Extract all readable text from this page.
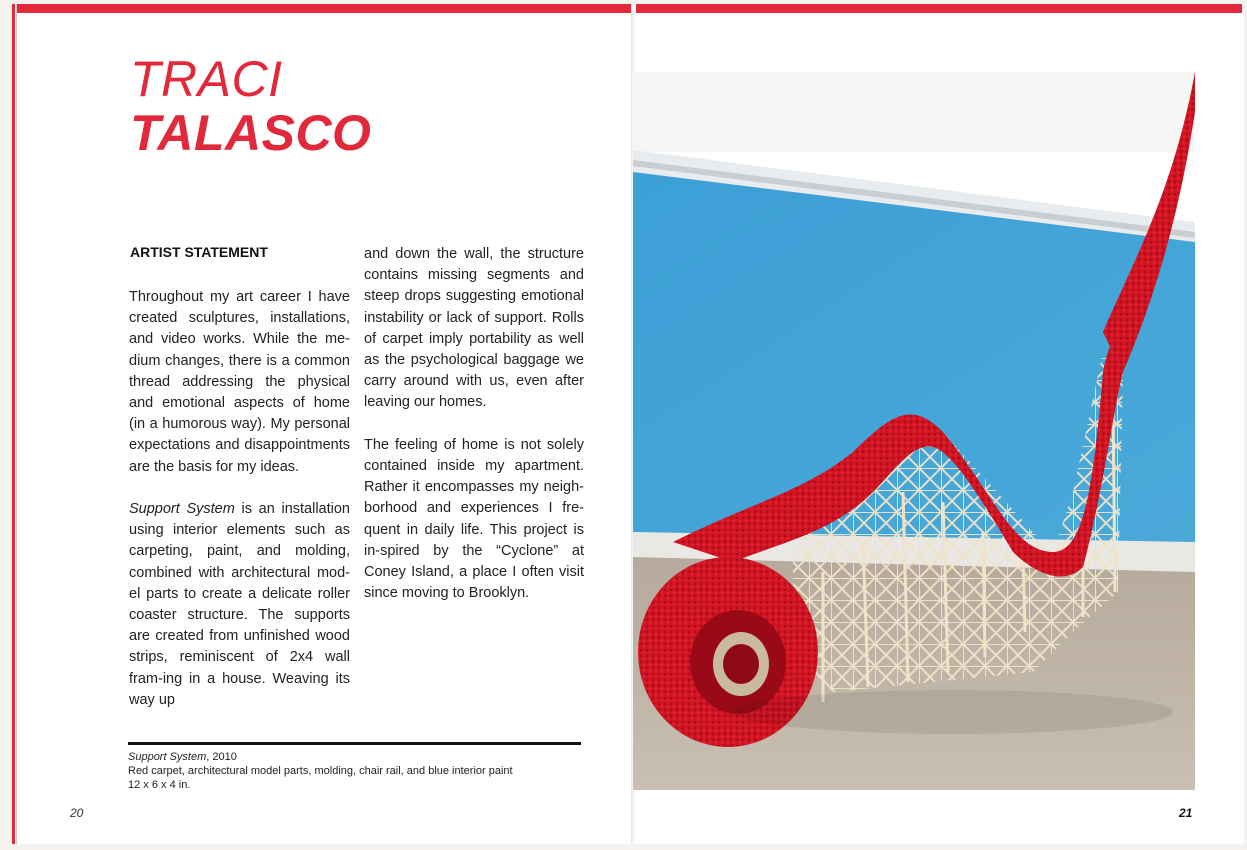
TRACI
TALASCO
ARTIST STATEMENT

Throughout my art career I have created sculptures, installations, and video works. While the me-dium changes, there is a common thread addressing the physical and emotional aspects of home (in a humorous way). My personal expectations and disappointments are the basis for my ideas.

Support System is an installation using interior elements such as carpeting, paint, and molding, combined with architectural mod-el parts to create a delicate roller coaster structure. The supports are created from unfinished wood strips, reminiscent of 2x4 wall fram-ing in a house. Weaving its way up

and down the wall, the structure contains missing segments and steep drops suggesting emotional instability or lack of support. Rolls of carpet imply portability as well as the psychological baggage we carry around with us, even after leaving our homes.

The feeling of home is not solely contained inside my apartment. Rather it encompasses my neigh-borhood and experiences I fre-quent in daily life. This project is in-spired by the “Cyclone” at Coney Island, a place I often visit since moving to Brooklyn.

Support System, 2010
Red carpet, architectural model parts, molding, chair rail, and blue interior paint
12 x 6 x 4 in.
20	21
